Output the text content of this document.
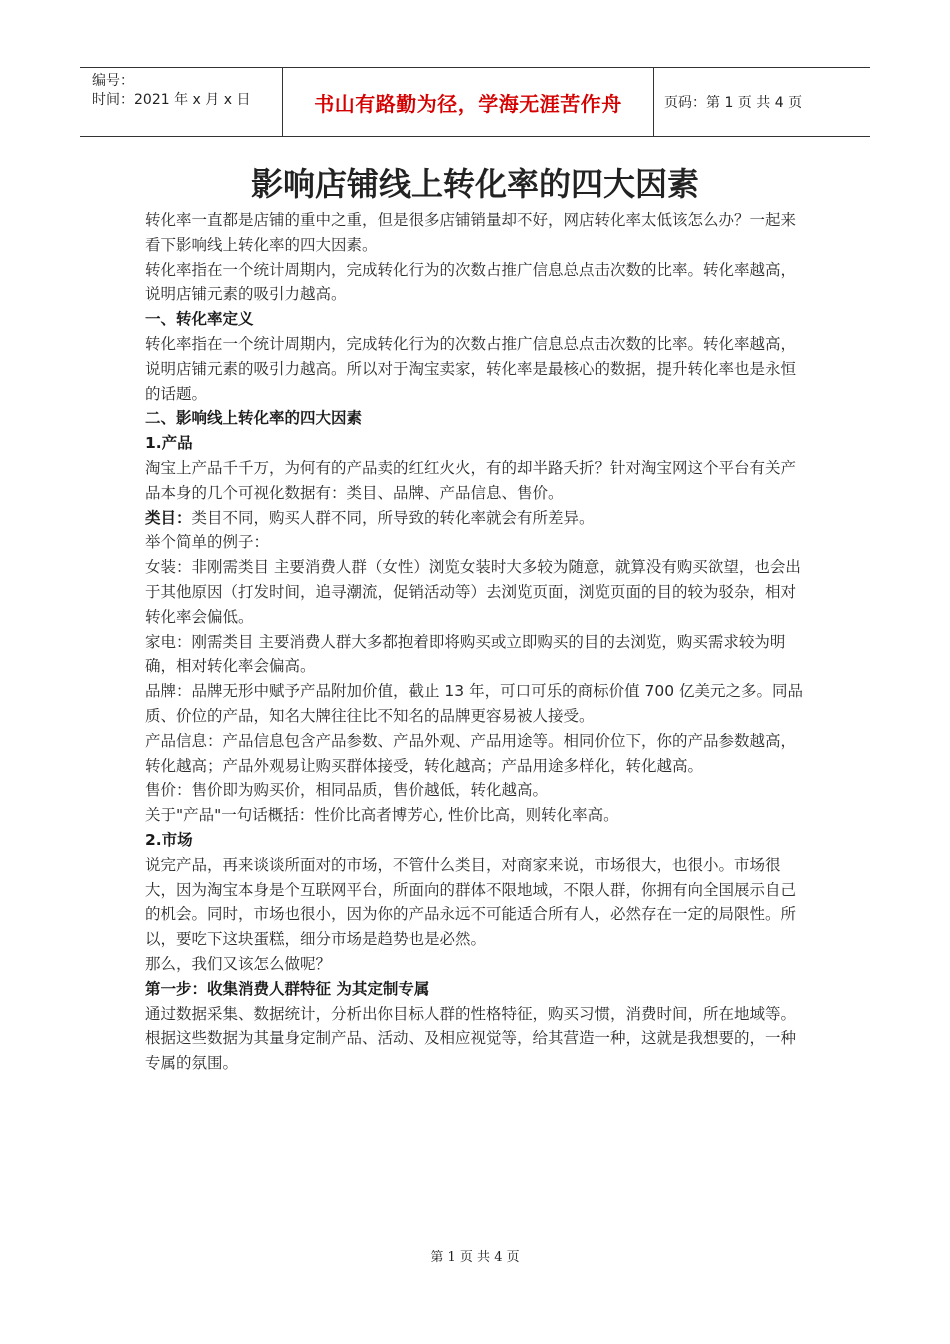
编号：
时间：2021 年 x 月 x 日	书山有路勤为径，学海无涯苦作舟	页码：第 1 页 共 4 页
影响店铺线上转化率的四大因素

转化率一直都是店铺的重中之重，但是很多店铺销量却不好，网店转化率太低该怎么办？一起来看下影响线上转化率的四大因素。

转化率指在一个统计周期内，完成转化行为的次数占推广信息总点击次数的比率。转化率越高，说明店铺元素的吸引力越高。

一、转化率定义

转化率指在一个统计周期内，完成转化行为的次数占推广信息总点击次数的比率。转化率越高，说明店铺元素的吸引力越高。所以对于淘宝卖家，转化率是最核心的数据，提升转化率也是永恒的话题。

二、影响线上转化率的四大因素

1.产品

淘宝上产品千千万，为何有的产品卖的红红火火，有的却半路夭折？针对淘宝网这个平台有关产品本身的几个可视化数据有：类目、品牌、产品信息、售价。

类目：类目不同，购买人群不同，所导致的转化率就会有所差异。

举个简单的例子：

女装：非刚需类目 主要消费人群（女性）浏览女装时大多较为随意，就算没有购买欲望，也会出于其他原因（打发时间，追寻潮流，促销活动等）去浏览页面，浏览页面的目的较为驳杂，相对转化率会偏低。

家电：刚需类目 主要消费人群大多都抱着即将购买或立即购买的目的去浏览，购买需求较为明确，相对转化率会偏高。

品牌：品牌无形中赋予产品附加价值，截止 13 年，可口可乐的商标价值 700 亿美元之多。同品质、价位的产品，知名大牌往往比不知名的品牌更容易被人接受。

产品信息：产品信息包含产品参数、产品外观、产品用途等。相同价位下，你的产品参数越高，转化越高；产品外观易让购买群体接受，转化越高；产品用途多样化，转化越高。

售价：售价即为购买价，相同品质，售价越低，转化越高。

关于"产品"一句话概括：性价比高者博芳心, 性价比高，则转化率高。

2.市场

说完产品，再来谈谈所面对的市场，不管什么类目，对商家来说，市场很大，也很小。市场很大，因为淘宝本身是个互联网平台，所面向的群体不限地域，不限人群，你拥有向全国展示自己的机会。同时，市场也很小，因为你的产品永远不可能适合所有人，必然存在一定的局限性。所以，要吃下这块蛋糕，细分市场是趋势也是必然。

那么，我们又该怎么做呢？

第一步：收集消费人群特征 为其定制专属

通过数据采集、数据统计，分析出你目标人群的性格特征，购买习惯，消费时间，所在地域等。根据这些数据为其量身定制产品、活动、及相应视觉等，给其营造一种，这就是我想要的，一种专属的氛围。

第 1 页 共 4 页
